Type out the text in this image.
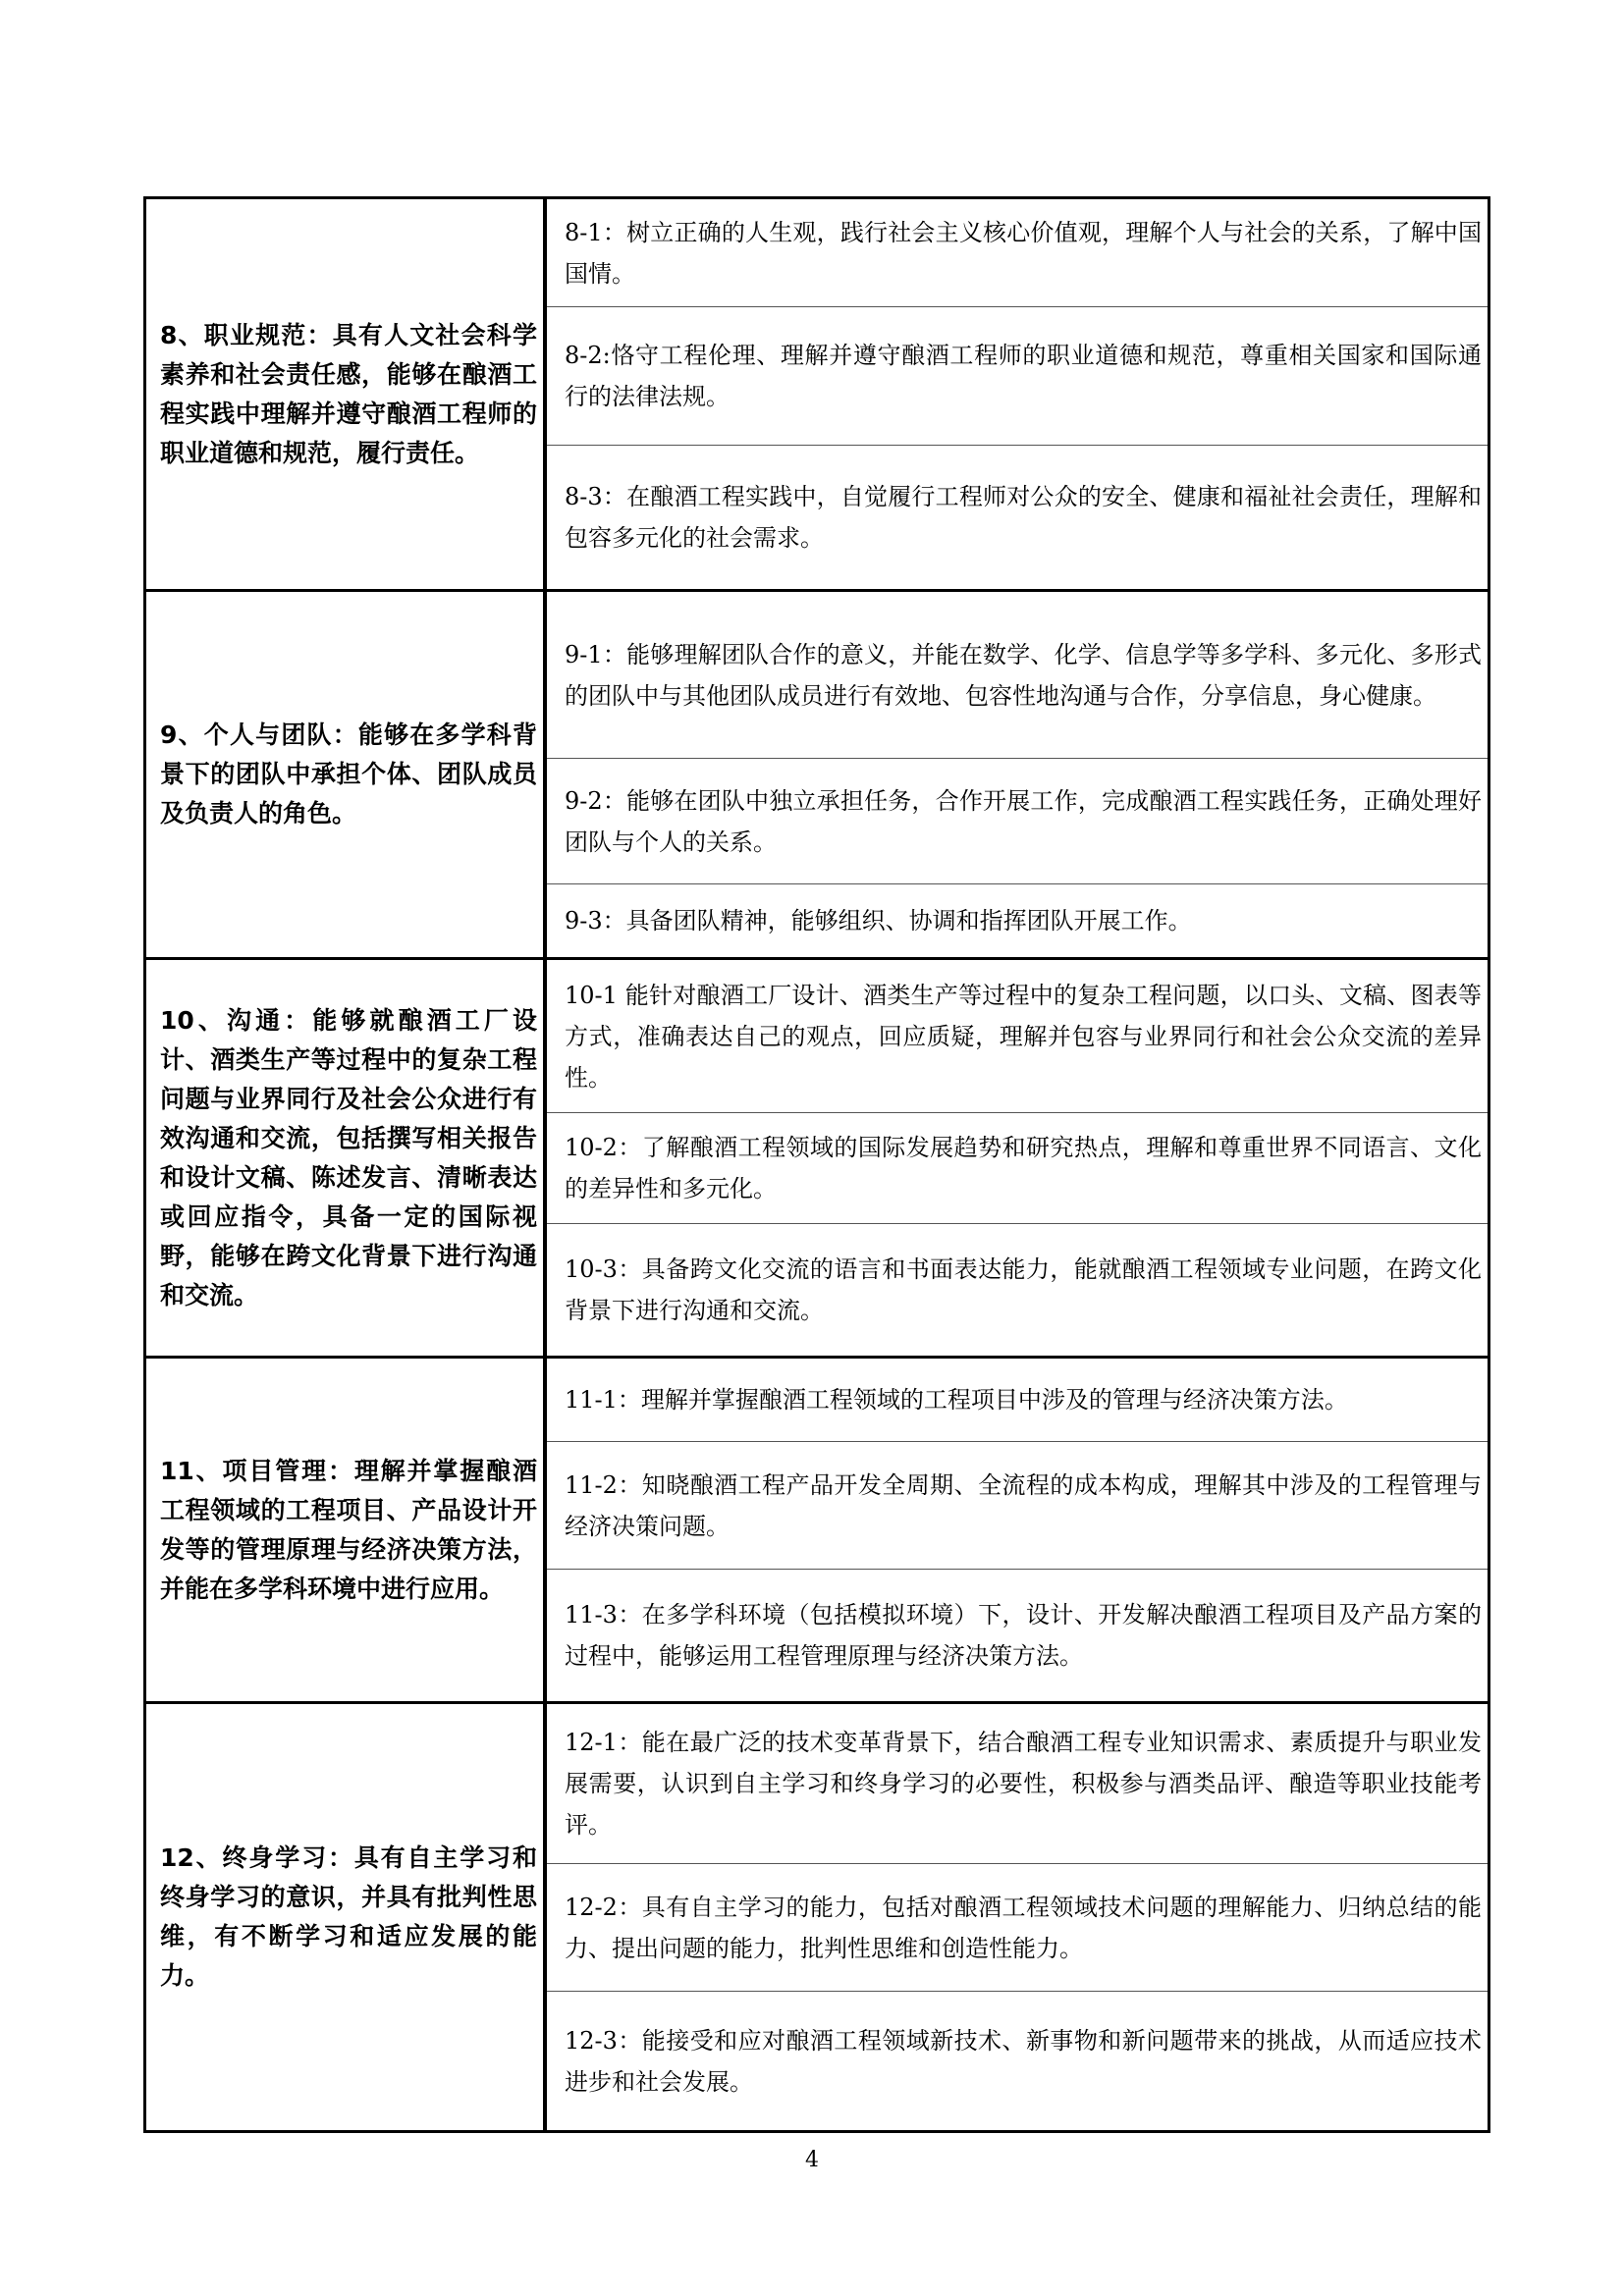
8、职业规范：具有人文社会科学素养和社会责任感，能够在酿酒工程实践中理解并遵守酿酒工程师的职业道德和规范，履行责任。	8-1：树立正确的人生观，践行社会主义核心价值观，理解个人与社会的关系，了解中国国情。
8-2:恪守工程伦理、理解并遵守酿酒工程师的职业道德和规范，尊重相关国家和国际通行的法律法规。
8-3：在酿酒工程实践中，自觉履行工程师对公众的安全、健康和福祉社会责任，理解和包容多元化的社会需求。

9、个人与团队：能够在多学科背景下的团队中承担个体、团队成员及负责人的角色。	9-1：能够理解团队合作的意义，并能在数学、化学、信息学等多学科、多元化、多形式的团队中与其他团队成员进行有效地、包容性地沟通与合作，分享信息，身心健康。
9-2：能够在团队中独立承担任务，合作开展工作，完成酿酒工程实践任务，正确处理好团队与个人的关系。
9-3：具备团队精神，能够组织、协调和指挥团队开展工作。

10、沟通：能够就酿酒工厂设计、酒类生产等过程中的复杂工程问题与业界同行及社会公众进行有效沟通和交流，包括撰写相关报告和设计文稿、陈述发言、清晰表达或回应指令，具备一定的国际视野，能够在跨文化背景下进行沟通和交流。	10-1 能针对酿酒工厂设计、酒类生产等过程中的复杂工程问题，以口头、文稿、图表等方式，准确表达自己的观点，回应质疑，理解并包容与业界同行和社会公众交流的差异性。
10-2：了解酿酒工程领域的国际发展趋势和研究热点，理解和尊重世界不同语言、文化的差异性和多元化。
10-3：具备跨文化交流的语言和书面表达能力，能就酿酒工程领域专业问题，在跨文化背景下进行沟通和交流。

11、项目管理：理解并掌握酿酒工程领域的工程项目、产品设计开发等的管理原理与经济决策方法，并能在多学科环境中进行应用。	11-1：理解并掌握酿酒工程领域的工程项目中涉及的管理与经济决策方法。
11-2：知晓酿酒工程产品开发全周期、全流程的成本构成，理解其中涉及的工程管理与经济决策问题。
11-3：在多学科环境（包括模拟环境）下，设计、开发解决酿酒工程项目及产品方案的过程中，能够运用工程管理原理与经济决策方法。

12、终身学习：具有自主学习和终身学习的意识，并具有批判性思维，有不断学习和适应发展的能力。	12-1：能在最广泛的技术变革背景下，结合酿酒工程专业知识需求、素质提升与职业发展需要，认识到自主学习和终身学习的必要性，积极参与酒类品评、酿造等职业技能考评。
12-2：具有自主学习的能力，包括对酿酒工程领域技术问题的理解能力、归纳总结的能力、提出问题的能力，批判性思维和创造性能力。
12-3：能接受和应对酿酒工程领域新技术、新事物和新问题带来的挑战，从而适应技术进步和社会发展。
4
